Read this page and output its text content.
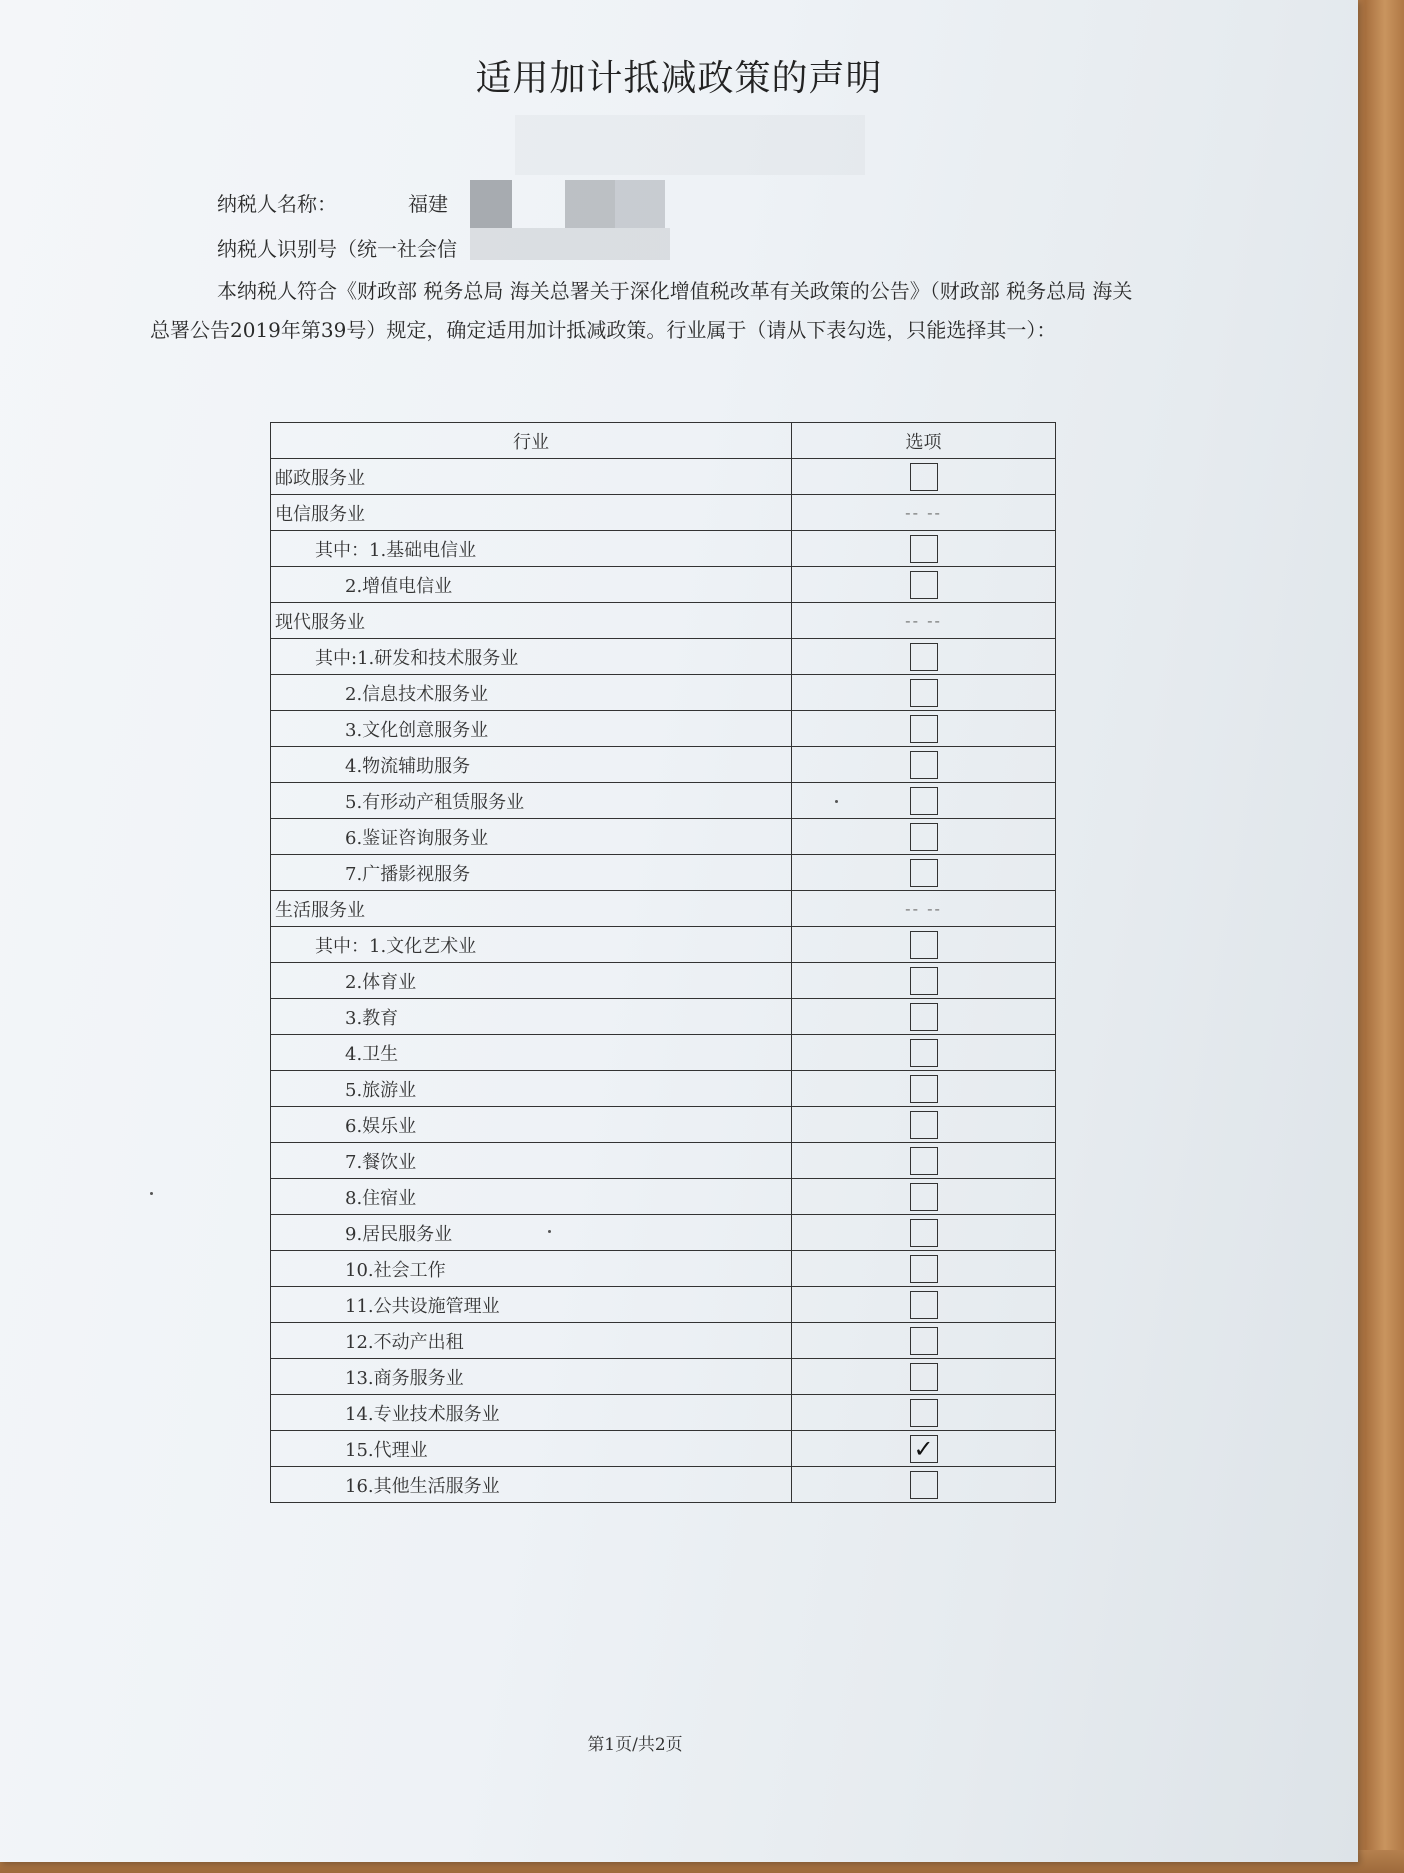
适用加计抵减政策的声明
纳税人名称：	福建
纳税人识别号（统一社会信
本纳税人符合《财政部 税务总局 海关总署关于深化增值税改革有关政策的公告》（财政部 税务总局 海关总署公告2019年第39号）规定，确定适用加计抵减政策。行业属于（请从下表勾选，只能选择其一）：
行业	选项
邮政服务业	
电信服务业	-- --
其中：1.基础电信业	
2.增值电信业	
现代服务业	-- --
其中:1.研发和技术服务业	
2.信息技术服务业	
3.文化创意服务业	
4.物流辅助服务	
5.有形动产租赁服务业	
6.鉴证咨询服务业	
7.广播影视服务	
生活服务业	-- --
其中：1.文化艺术业	
2.体育业	
3.教育	
4.卫生	
5.旅游业	
6.娱乐业	
7.餐饮业	
8.住宿业	
9.居民服务业	
10.社会工作	
11.公共设施管理业	
12.不动产出租	
13.商务服务业	
14.专业技术服务业	
15.代理业	✓
16.其他生活服务业	
第1页/共2页
